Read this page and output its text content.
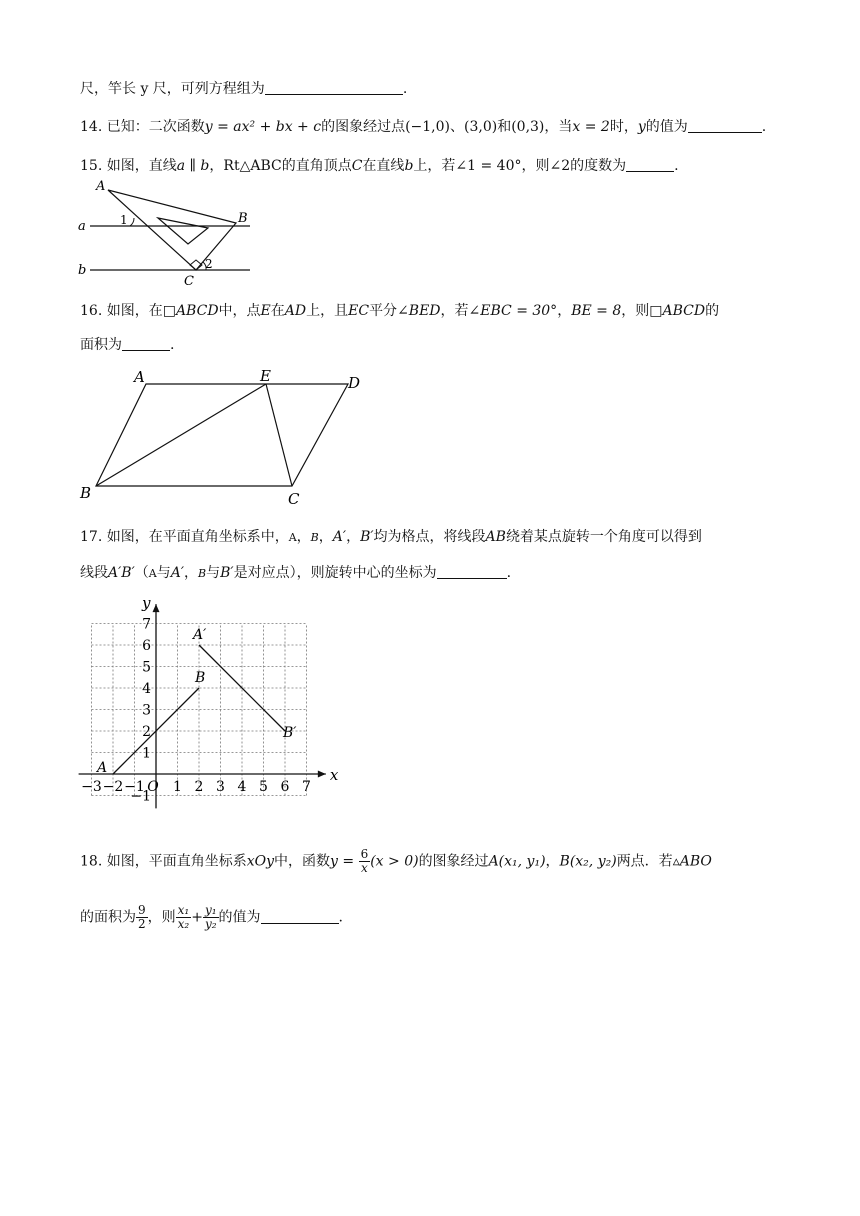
尺，竿长 y 尺，可列方程组为	.
14. 已知：二次函数y = ax² + bx + c的图象经过点(−1,0)、(3,0)和(0,3)，当x = 2时，y的值为	.
15. 如图，直线a ∥ b，Rt△ABC的直角顶点C在直线b上，若∠1 = 40°，则∠2的度数为	.
A
B
C
a
b
1
2
16. 如图，在□ABCD中，点E在AD上，且EC平分∠BED，若∠EBC = 30°，BE = 8，则□ABCD的
面积为	.
A	E	D
B	C
17. 如图，在平面直角坐标系中，A，B，A′，B′均为格点，将线段AB绕着某点旋转一个角度可以得到
线段A′B′（A与A′，B与B′是对应点），则旋转中心的坐标为	.
−3 −2 −1 O 1 2 3 4 5 6 7
−1
1
2
3
4
5
6
7
x
y
A
B
A′
B′
18. 如图，平面直角坐标系xOy中，函数$y = \frac{6}{x} (x > 0)$的图象经过A(x₁, y₁)，B(x₂, y₂)两点．若▵ABO
的面积为 $\frac{9}{2}$ ，则 $\frac{\text{x₁}}{\text{x₂}} + \frac{\text{y₁}}{\text{y₂}}$ 的值为	.
